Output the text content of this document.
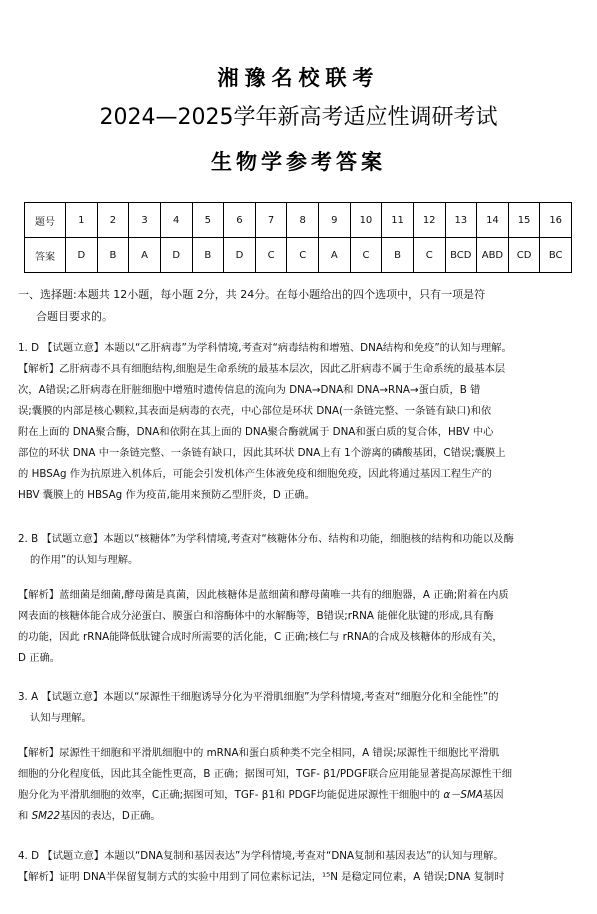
湘豫名校联考
2024—2025学年新高考适应性调研考试
生物学参考答案
题号	1	2	3	4	5	6	7	8	9	10	11	12	13	14	15	16
答案	D	B	A	D	B	D	C	C	A	C	B	C	BCD	ABD	CD	BC
一、选择题:本题共 12小题，每小题 2分，共 24分。在每小题给出的四个选项中，只有一项是符
合题目要求的。
1. D 【试题立意】本题以“乙肝病毒”为学科情境,考查对“病毒结构和增殖、DNA结构和免疫”的认知与理解。
【解析】乙肝病毒不具有细胞结构,细胞是生命系统的最基本层次，因此乙肝病毒不属于生命系统的最基本层
次，A错误;乙肝病毒在肝脏细胞中增殖时遗传信息的流向为 DNA→DNA和 DNA→RNA→蛋白质，B 错
误;囊膜的内部是核心颗粒,其表面是病毒的衣壳，中心部位是环状 DNA(一条链完整、一条链有缺口)和依
附在上面的 DNA聚合酶，DNA和依附在其上面的 DNA聚合酶就属于 DNA和蛋白质的复合体，HBV 中心
部位的环状 DNA 中一条链完整、一条链有缺口，因此其环状 DNA上有 1个游离的磷酸基团，C错误;囊膜上
的 HBSAg 作为抗原进入机体后，可能会引发机体产生体液免疫和细胞免疫，因此将通过基因工程生产的
HBV 囊膜上的 HBSAg 作为疫苗,能用来预防乙型肝炎，D 正确。
2. B 【试题立意】本题以“核糖体”为学科情境,考查对“核糖体分布、结构和功能，细胞核的结构和功能以及酶
的作用”的认知与理解。
【解析】蓝细菌是细菌,酵母菌是真菌，因此核糖体是蓝细菌和酵母菌唯一共有的细胞器，A 正确;附着在内质
网表面的核糖体能合成分泌蛋白、膜蛋白和溶酶体中的水解酶等，B错误;rRNA 能催化肽键的形成,具有酶
的功能，因此 rRNA能降低肽键合成时所需要的活化能，C 正确;核仁与 rRNA的合成及核糖体的形成有关，
D 正确。
3. A 【试题立意】本题以“尿源性干细胞诱导分化为平滑肌细胞”为学科情境,考查对“细胞分化和全能性”的
认知与理解。
【解析】尿源性干细胞和平滑肌细胞中的 mRNA和蛋白质种类不完全相同，A 错误;尿源性干细胞比平滑肌
细胞的分化程度低，因此其全能性更高，B 正确；据图可知，TGF- β1/PDGF联合应用能显著提高尿源性干细
胞分化为平滑肌细胞的效率，C正确;据图可知，TGF- β1和 PDGF均能促进尿源性干细胞中的 α－SMA基因
和 SM22基因的表达，D正确。
4. D 【试题立意】本题以“DNA复制和基因表达”为学科情境,考查对“DNA复制和基因表达”的认知与理解。
【解析】证明 DNA半保留复制方式的实验中用到了同位素标记法，¹⁵N 是稳定同位素，A 错误;DNA 复制时
